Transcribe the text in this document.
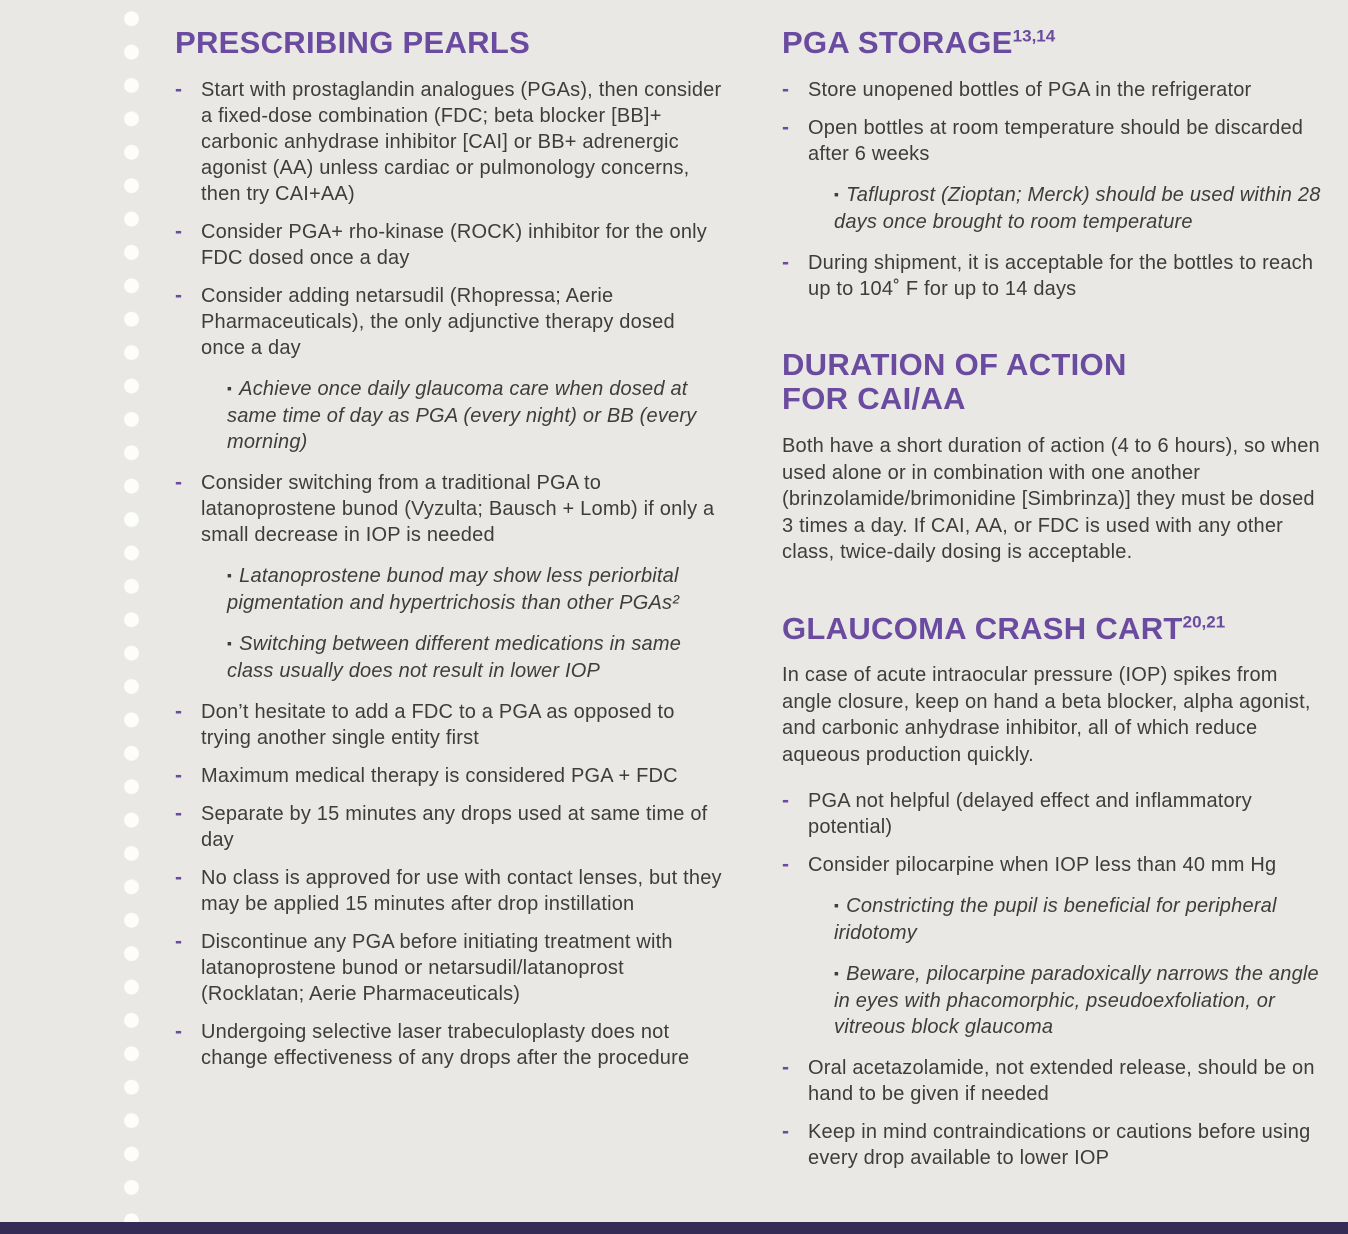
PRESCRIBING PEARLS
-
Start with prostaglandin analogues (PGAs), then consider a fixed-dose combination (FDC; beta blocker [BB]+ carbonic anhydrase inhibitor [CAI] or BB+ adrenergic agonist (AA) unless cardiac or pulmonology concerns, then try CAI+AA)
-
Consider PGA+ rho-kinase (ROCK) inhibitor for the only FDC dosed once a day
-
Consider adding netarsudil (Rhopressa; Aerie Pharmaceuticals), the only adjunctive therapy dosed once a day
▪ Achieve once daily glaucoma care when dosed at same time of day as PGA (every night) or BB (every morning)
-
Consider switching from a traditional PGA to latanoprostene bunod (Vyzulta; Bausch + Lomb) if only a small decrease in IOP is needed
▪ Latanoprostene bunod may show less periorbital pigmentation and hypertrichosis than other PGAs²
▪ Switching between different medications in same class usually does not result in lower IOP
-
Don’t hesitate to add a FDC to a PGA as opposed to trying another single entity first
-
Maximum medical therapy is considered PGA + FDC
-
Separate by 15 minutes any drops used at same time of day
-
No class is approved for use with contact lenses, but they may be applied 15 minutes after drop instillation
-
Discontinue any PGA before initiating treatment with latanoprostene bunod or netarsudil/latanoprost (Rocklatan; Aerie Pharmaceuticals)
-
Undergoing selective laser trabeculoplasty does not change effectiveness of any drops after the procedure
PGA STORAGE$^{13,14}$
-
Store unopened bottles of PGA in the refrigerator
-
Open bottles at room temperature should be discarded after 6 weeks
▪ Tafluprost (Zioptan; Merck) should be used within 28 days once brought to room temperature
-
During shipment, it is acceptable for the bottles to reach up to 104˚ F for up to 14 days
DURATION OF ACTION FOR CAI/AA

Both have a short duration of action (4 to 6 hours), so when used alone or in combination with one another (brinzolamide/brimonidine [Simbrinza)] they must be dosed 3 times a day. If CAI, AA, or FDC is used with any other class, twice-daily dosing is acceptable.

GLAUCOMA CRASH CART$^{20,21}$

In case of acute intraocular pressure (IOP) spikes from angle closure, keep on hand a beta blocker, alpha agonist, and carbonic anhydrase inhibitor, all of which reduce aqueous production quickly.

-
PGA not helpful (delayed effect and inflammatory potential)
-
Consider pilocarpine when IOP less than 40 mm Hg
▪ Constricting the pupil is beneficial for peripheral iridotomy
▪ Beware, pilocarpine paradoxically narrows the angle in eyes with phacomorphic, pseudoexfoliation, or vitreous block glaucoma
-
Oral acetazolamide, not extended release, should be on hand to be given if needed
-
Keep in mind contraindications or cautions before using every drop available to lower IOP
